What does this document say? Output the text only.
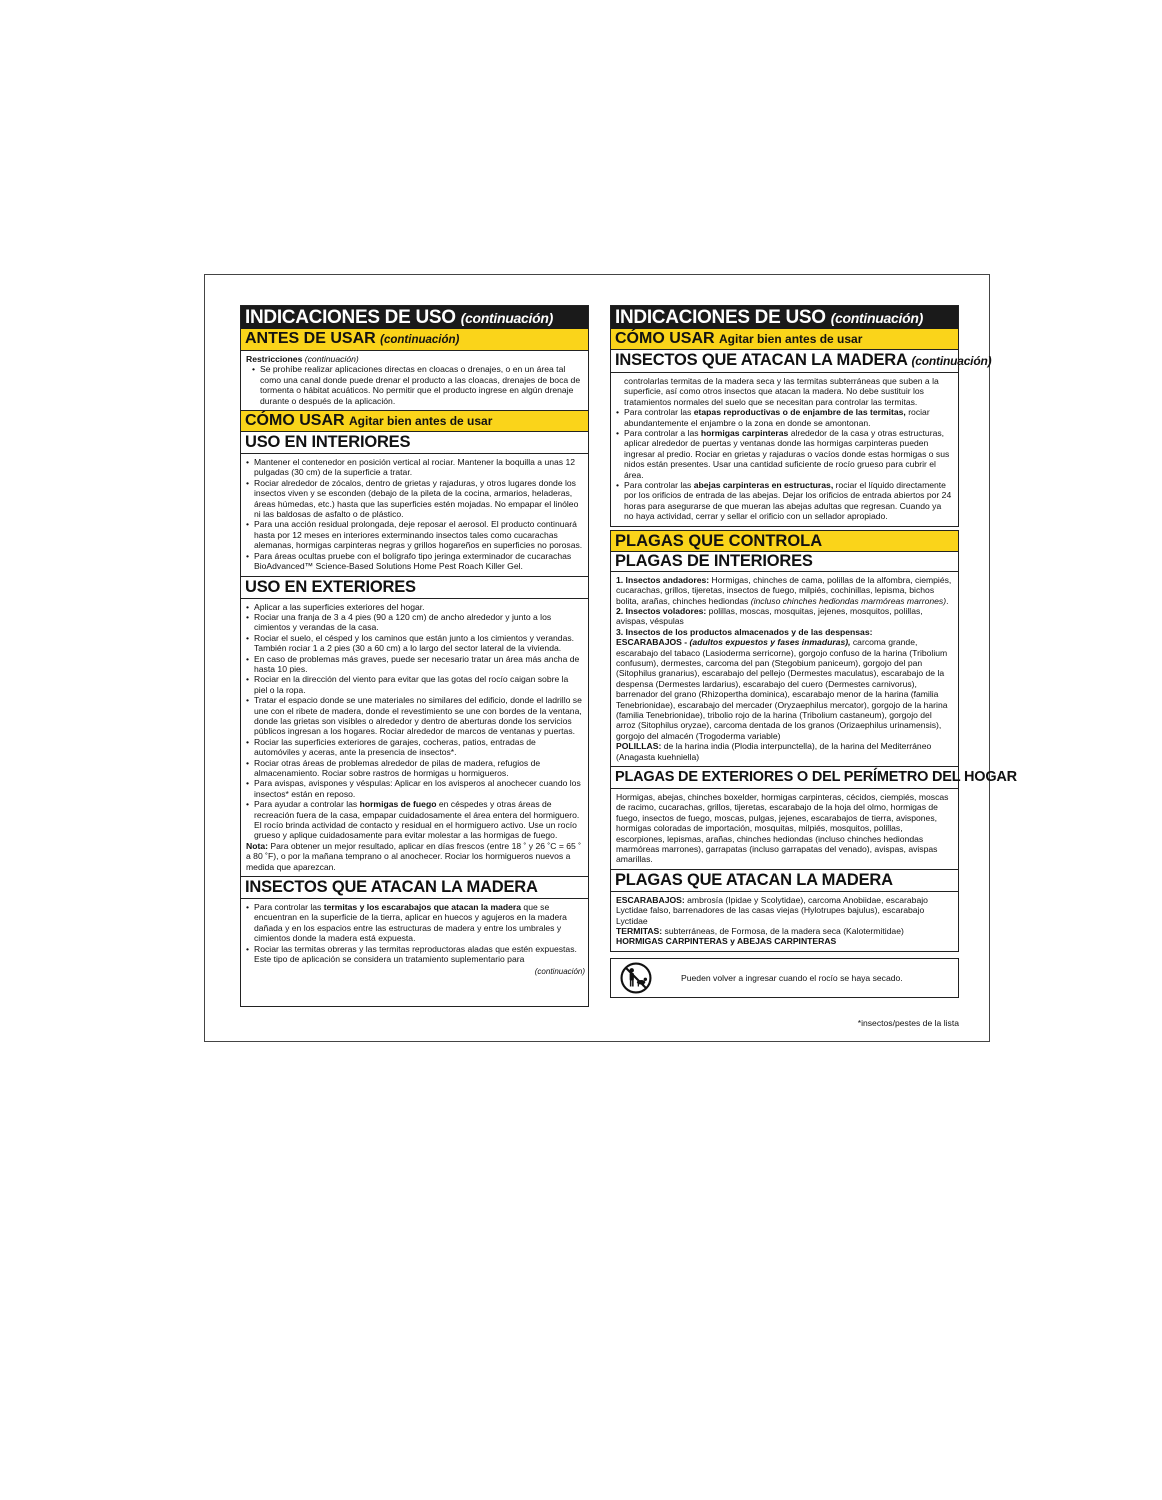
INDICACIONES DE USO (continuación)
ANTES DE USAR (continuación)
Restricciones (continuación)
• Se prohíbe realizar aplicaciones directas en cloacas o drenajes, o en un área tal como una canal donde puede drenar el producto a las cloacas, drenajes de boca de tormenta o hábitat acuáticos. No permitir que el producto ingrese en algún drenaje durante o después de la aplicación.
CÓMO USAR Agitar bien antes de usar
USO EN INTERIORES
• Mantener el contenedor en posición vertical al rociar. Mantener la boquilla a unas 12 pulgadas (30 cm) de la superficie a tratar.
• Rociar alrededor de zócalos, dentro de grietas y rajaduras, y otros lugares donde los insectos viven y se esconden (debajo de la pileta de la cocina, armarios, heladeras, áreas húmedas, etc.) hasta que las superficies estén mojadas. No empapar el linóleo ni las baldosas de asfalto o de plástico.
• Para una acción residual prolongada, deje reposar el aerosol. El producto continuará hasta por 12 meses en interiores exterminando insectos tales como cucarachas alemanas, hormigas carpinteras negras y grillos hogareños en superficies no porosas.
• Para áreas ocultas pruebe con el bolígrafo tipo jeringa exterminador de cucarachas BioAdvanced™ Science-Based Solutions Home Pest Roach Killer Gel.
USO EN EXTERIORES
• Aplicar a las superficies exteriores del hogar.
• Rociar una franja de 3 a 4 pies (90 a 120 cm) de ancho alrededor y junto a los cimientos y verandas de la casa.
• Rociar el suelo, el césped y los caminos que están junto a los cimientos y verandas. También rociar 1 a 2 pies (30 a 60 cm) a lo largo del sector lateral de la vivienda.
• En caso de problemas más graves, puede ser necesario tratar un área más ancha de hasta 10 pies.
• Rociar en la dirección del viento para evitar que las gotas del rocío caigan sobre la piel o la ropa.
• Tratar el espacio donde se une materiales no similares del edificio, donde el ladrillo se une con el ribete de madera, donde el revestimiento se une con bordes de la ventana, donde las grietas son visibles o alrededor y dentro de aberturas donde los servicios públicos ingresan a los hogares. Rociar alrededor de marcos de ventanas y puertas.
• Rociar las superficies exteriores de garajes, cocheras, patios, entradas de automóviles y aceras, ante la presencia de insectos*.
• Rociar otras áreas de problemas alrededor de pilas de madera, refugios de almacenamiento. Rociar sobre rastros de hormigas u hormigueros.
• Para avispas, avispones y véspulas: Aplicar en los avisperos al anochecer cuando los insectos* están en reposo.
• Para ayudar a controlar las hormigas de fuego en céspedes y otras áreas de recreación fuera de la casa, empapar cuidadosamente el área entera del hormiguero. El rocío brinda actividad de contacto y residual en el hormiguero activo. Use un rocío grueso y aplique cuidadosamente para evitar molestar a las hormigas de fuego.
Nota: Para obtener un mejor resultado, aplicar en días frescos (entre 18 ˚ y 26 ˚C = 65 ˚ a 80 ˚F), o por la mañana temprano o al anochecer. Rociar los hormigueros nuevos a medida que aparezcan.
INSECTOS QUE ATACAN LA MADERA
• Para controlar las termitas y los escarabajos que atacan la madera que se encuentran en la superficie de la tierra, aplicar en huecos y agujeros en la madera dañada y en los espacios entre las estructuras de madera y entre los umbrales y cimientos donde la madera está expuesta.
• Rociar las termitas obreras y las termitas reproductoras aladas que estén expuestas. Este tipo de aplicación se considera un tratamiento suplementario para
(continuación)
INDICACIONES DE USO (continuación)
CÓMO USAR Agitar bien antes de usar
INSECTOS QUE ATACAN LA MADERA (continuación)
controlarlas termitas de la madera seca y las termitas subterráneas que suben a la superficie, así como otros insectos que atacan la madera. No debe sustituir los tratamientos normales del suelo que se necesitan para controlar las termitas.
• Para controlar las etapas reproductivas o de enjambre de las termitas, rociar abundantemente el enjambre o la zona en donde se amontonan.
• Para controlar a las hormigas carpinteras alrededor de la casa y otras estructuras, aplicar alrededor de puertas y ventanas donde las hormigas carpinteras pueden ingresar al predio. Rociar en grietas y rajaduras o vacíos donde estas hormigas o sus nidos están presentes. Usar una cantidad suficiente de rocío grueso para cubrir el área.
• Para controlar las abejas carpinteras en estructuras, rociar el líquido directamente por los orificios de entrada de las abejas. Dejar los orificios de entrada abiertos por 24 horas para asegurarse de que mueran las abejas adultas que regresan. Cuando ya no haya actividad, cerrar y sellar el orificio con un sellador apropiado.
PLAGAS QUE CONTROLA
PLAGAS DE INTERIORES
1. Insectos andadores: Hormigas, chinches de cama, polillas de la alfombra, ciempiés, cucarachas, grillos, tijeretas, insectos de fuego, milpiés, cochinillas, lepisma, bichos bolita, arañas, chinches hediondas (incluso chinches hediondas marmóreas marrones).
2. Insectos voladores: polillas, moscas, mosquitas, jejenes, mosquitos, polillas, avispas, véspulas
3. Insectos de los productos almacenados y de las despensas:
ESCARABAJOS - (adultos expuestos y fases inmaduras), carcoma grande, escarabajo del tabaco (Lasioderma serricorne), gorgojo confuso de la harina (Tribolium confusum), dermestes, carcoma del pan (Stegobium paniceum), gorgojo del pan (Sitophilus granarius), escarabajo del pellejo (Dermestes maculatus), escarabajo de la despensa (Dermestes lardarius), escarabajo del cuero (Dermestes carnivorus), barrenador del grano (Rhizopertha dominica), escarabajo menor de la harina (familia Tenebrionidae), escarabajo del mercader (Oryzaephilus mercator), gorgojo de la harina (familia Tenebrionidae), tribolio rojo de la harina (Tribolium castaneum), gorgojo del arroz (Sitophilus oryzae), carcoma dentada de los granos (Orizaephilus urinamensis), gorgojo del almacén (Trogoderma variable)
POLILLAS: de la harina india (Plodia interpunctella), de la harina del Mediterráneo (Anagasta kuehniella)
PLAGAS DE EXTERIORES O DEL PERÍMETRO DEL HOGAR
Hormigas, abejas, chinches boxelder, hormigas carpinteras, cécidos, ciempiés, moscas de racimo, cucarachas, grillos, tijeretas, escarabajo de la hoja del olmo, hormigas de fuego, insectos de fuego, moscas, pulgas, jejenes, escarabajos de tierra, avispones, hormigas coloradas de importación, mosquitas, milpiés, mosquitos, polillas, escorpiones, lepismas, arañas, chinches hediondas (incluso chinches hediondas marmóreas marrones), garrapatas (incluso garrapatas del venado), avispas, avispas amarillas.
PLAGAS QUE ATACAN LA MADERA
ESCARABAJOS: ambrosía (Ipidae y Scolytidae), carcoma Anobiidae, escarabajo Lyctidae falso, barrenadores de las casas viejas (Hylotrupes bajulus), escarabajo Lyctidae
TERMITAS: subterráneas, de Formosa, de la madera seca (Kalotermitidae)
HORMIGAS CARPINTERAS y ABEJAS CARPINTERAS
Pueden volver a ingresar cuando el rocío se haya secado.
*insectos/pestes de la lista
